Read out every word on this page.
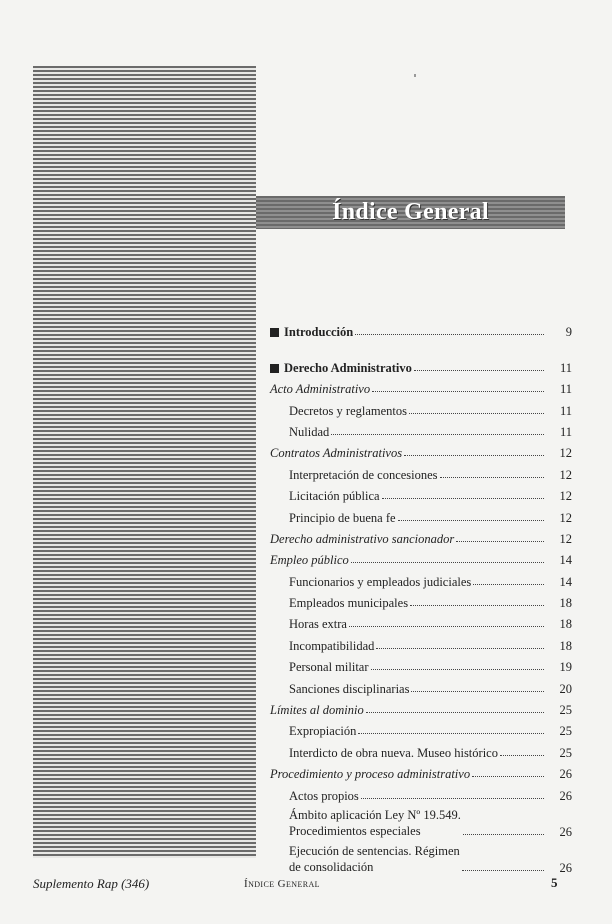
Índice General
Introducción	9
Derecho Administrativo	11
Acto Administrativo	11
Decretos y reglamentos	11
Nulidad	11
Contratos Administrativos	12
Interpretación de concesiones	12
Licitación pública	12
Principio de buena fe	12
Derecho administrativo sancionador	12
Empleo público	14
Funcionarios y empleados judiciales	14
Empleados municipales	18
Horas extra	18
Incompatibilidad	18
Personal militar	19
Sanciones disciplinarias	20
Límites al dominio	25
Expropiación	25
Interdicto de obra nueva. Museo histórico	25
Procedimiento y proceso administrativo	26
Actos propios	26
Ámbito aplicación Ley Nº 19.549.
Procedimientos especiales	26
Ejecución de sentencias. Régimen
de consolidación	26
Suplemento Rap (346)	Índice General	5
